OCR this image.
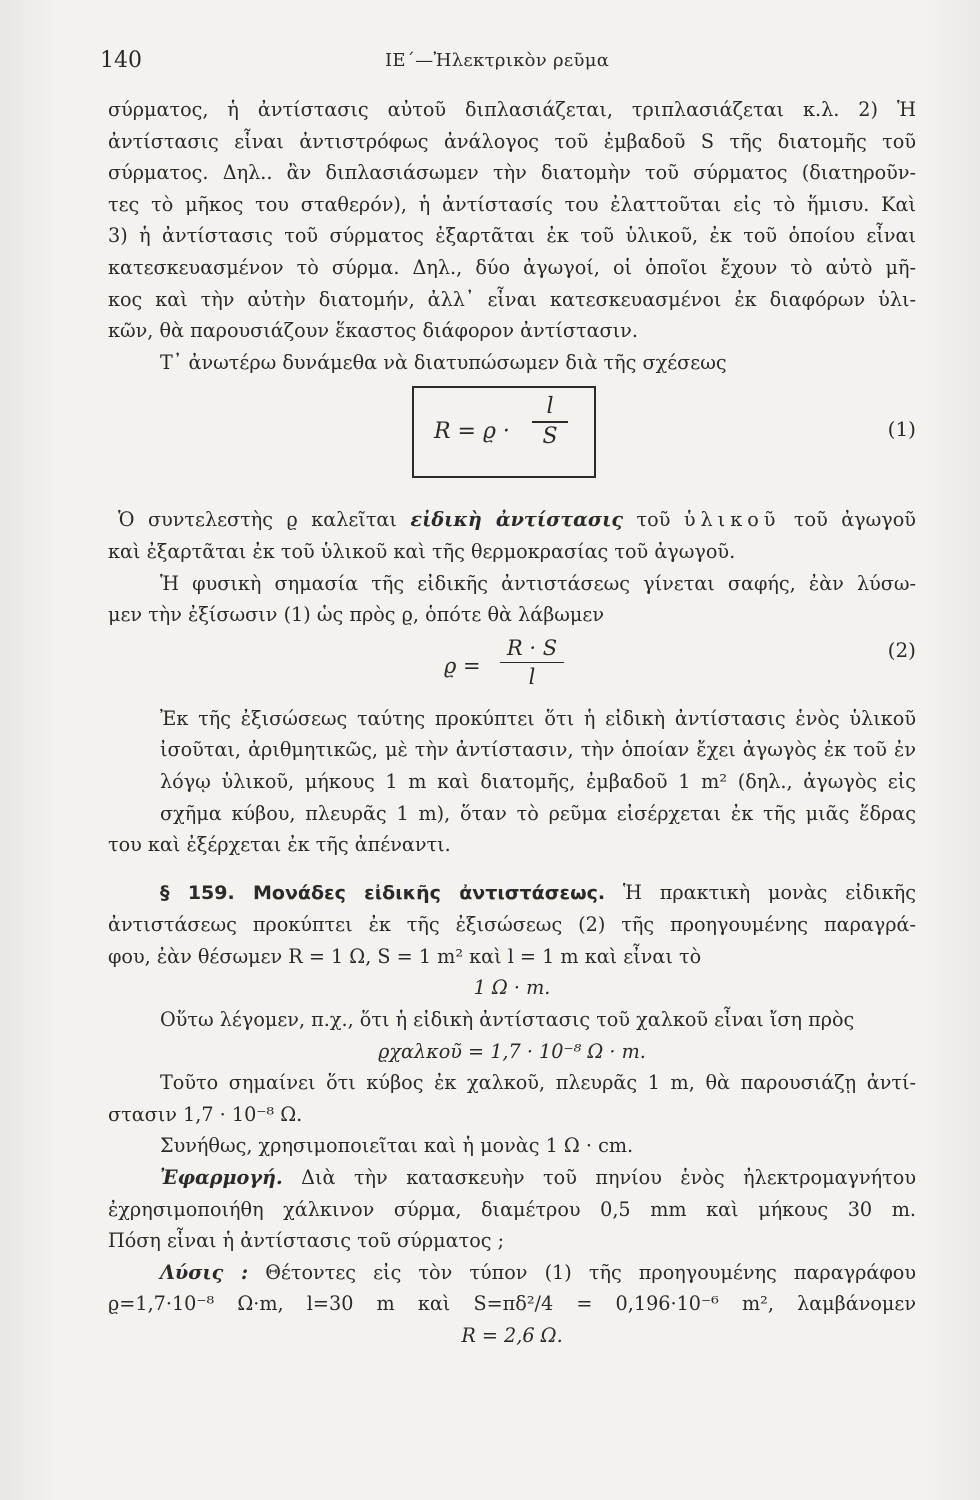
140	ΙΕ΄—Ἠλεκτρικὸν ρεῦμα

σύρματος, ἡ ἀντίστασις αὐτοῦ διπλασιάζεται, τριπλασιάζεται κ.λ. 2) Ἡ
ἀντίστασις εἶναι ἀντιστρόφως ἀνάλογος τοῦ ἐμβαδοῦ S τῆς διατομῆς τοῦ
σύρματος. Δηλ.. ἂν διπλασιάσωμεν τὴν διατομὴν τοῦ σύρματος (διατηροῦν-
τες τὸ μῆκος του σταθερόν), ἡ ἀντίστασίς του ἐλαττοῦται εἰς τὸ ἥμισυ. Καὶ
3) ἡ ἀντίστασις τοῦ σύρματος ἐξαρτᾶται ἐκ τοῦ ὑλικοῦ, ἐκ τοῦ ὁποίου εἶναι
κατεσκευασμένον τὸ σύρμα. Δηλ., δύο ἀγωγοί, οἱ ὁποῖοι ἔχουν τὸ αὐτὸ μῆ-
κος καὶ τὴν αὐτὴν διατομήν, ἀλλ᾽ εἶναι κατεσκευασμένοι ἐκ διαφόρων ὑλι-
κῶν, θὰ παρουσιάζουν ἕκαστος διάφορον ἀντίστασιν.

Τ᾽ ἀνωτέρω δυνάμεθα νὰ διατυπώσωμεν διὰ τῆς σχέσεως

R = ϱ ·
l
S	(1)

Ὁ συντελεστὴς ϱ καλεῖται εἰδικὴ ἀντίστασις τοῦ ὑλικοῦ τοῦ ἀγωγοῦ
καὶ ἐξαρτᾶται ἐκ τοῦ ὑλικοῦ καὶ τῆς θερμοκρασίας τοῦ ἀγωγοῦ.

Ἡ φυσικὴ σημασία τῆς εἰδικῆς ἀντιστάσεως γίνεται σαφής, ἐὰν λύσω-
μεν τὴν ἐξίσωσιν (1) ὡς πρὸς ϱ, ὁπότε θὰ λάβωμεν

ϱ =
R · S
l
(2)

Ἐκ τῆς ἐξισώσεως ταύτης προκύπτει ὅτι ἡ εἰδικὴ ἀντίστασις ἑνὸς ὑλικοῦ
ἰσοῦται, ἀριθμητικῶς, μὲ τὴν ἀντίστασιν, τὴν ὁποίαν ἔχει ἀγωγὸς ἐκ τοῦ ἐν
λόγῳ ὑλικοῦ, μήκους 1 m καὶ διατομῆς, ἐμβαδοῦ 1 m² (δηλ., ἀγωγὸς εἰς
σχῆμα κύβου, πλευρᾶς 1 m), ὅταν τὸ ρεῦμα εἰσέρχεται ἐκ τῆς μιᾶς ἕδρας
του καὶ ἐξέρχεται ἐκ τῆς ἀπέναντι.

§ 159. Μονάδες εἰδικῆς ἀντιστάσεως. Ἡ πρακτικὴ μονὰς εἰδικῆς
ἀντιστάσεως προκύπτει ἐκ τῆς ἐξισώσεως (2) τῆς προηγουμένης παραγρά-
φου, ἐὰν θέσωμεν R = 1 Ω, S = 1 m² καὶ l = 1 m καὶ εἶναι τὸ

1 Ω · m.

Οὕτω λέγομεν, π.χ., ὅτι ἡ εἰδικὴ ἀντίστασις τοῦ χαλκοῦ εἶναι ἴση πρὸς

ϱχαλκοῦ = 1,7 · 10⁻⁸ Ω · m.

Τοῦτο σημαίνει ὅτι κύβος ἐκ χαλκοῦ, πλευρᾶς 1 m, θὰ παρουσιάζῃ ἀντί-
στασιν 1,7 · 10⁻⁸ Ω.

Συνήθως, χρησιμοποιεῖται καὶ ἡ μονὰς 1 Ω · cm.

Ἐφαρμογή. Διὰ τὴν κατασκευὴν τοῦ πηνίου ἑνὸς ἠλεκτρομαγνήτου
ἐχρησιμοποιήθη χάλκινον σύρμα, διαμέτρου 0,5 mm καὶ μήκους 30 m.
Πόση εἶναι ἡ ἀντίστασις τοῦ σύρματος ;

Λύσις : Θέτοντες εἰς τὸν τύπον (1) τῆς προηγουμένης παραγράφου
ϱ=1,7·10⁻⁸ Ω·m, l=30 m καὶ S=πδ²/4 = 0,196·10⁻⁶ m², λαμβάνομεν

R = 2,6 Ω.
